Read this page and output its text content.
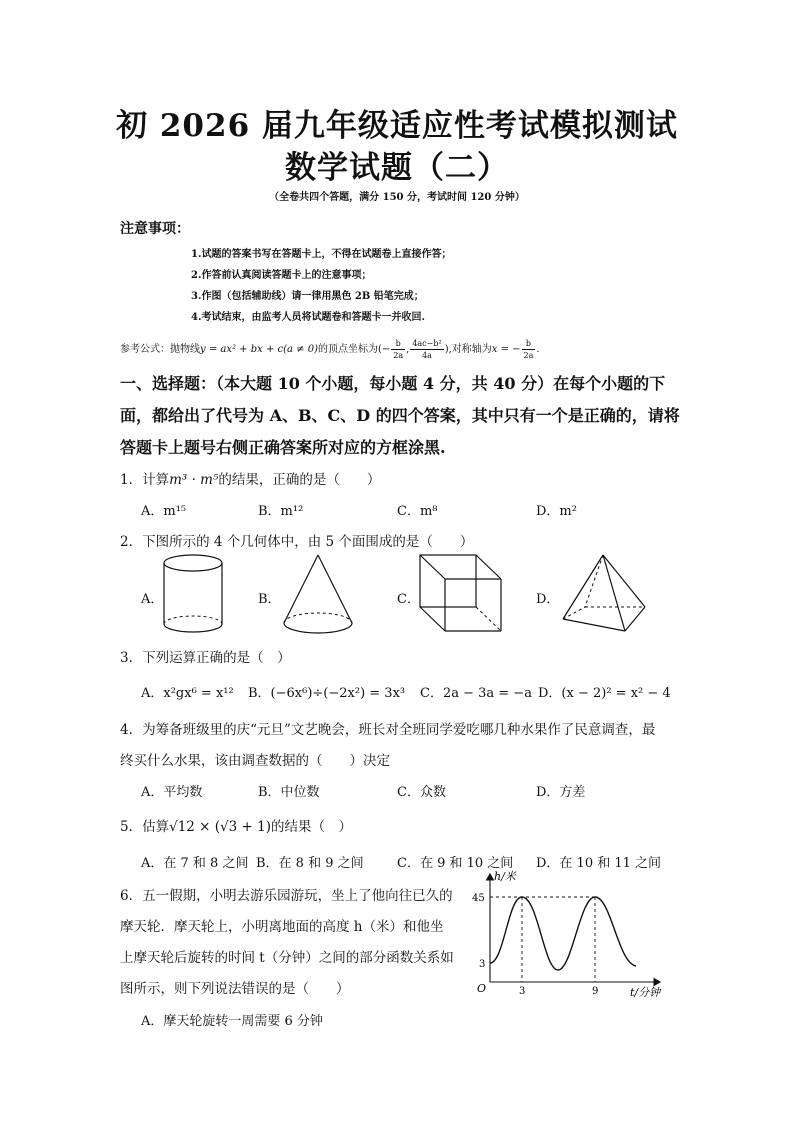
初 2026 届九年级适应性考试模拟测试
数学试题（二）
（全卷共四个答题，满分 150 分，考试时间 120 分钟）
注意事项：
1.试题的答案书写在答题卡上，不得在试题卷上直接作答；
2.作答前认真阅读答题卡上的注意事项；
3.作图（包括辅助线）请一律用黑色 2B 铅笔完成；
4.考试结束，由监考人员将试题卷和答题卡一并收回.
参考公式：抛物线y = ax² + bx + c(a ≠ 0)的顶点坐标为(− $\frac{b}{2a}$ , $\frac{\text{4ac−b²}}{4a}$ ),对称轴为x = − $\frac{b}{2a}$ .
一、选择题：（本大题 10 个小题，每小题 4 分，共 40 分）在每个小题的下面，都给出了代号为 A、B、C、D 的四个答案，其中只有一个是正确的，请将答题卡上题号右侧正确答案所对应的方框涂黑.
1．计算m³ · m⁵的结果，正确的是（　　）
A．m¹⁵	B．m¹²	C．m⁸	D．m²
2．下图所示的 4 个几何体中，由 5 个面围成的是（　　）
A．	B．	C．	D．
3．下列运算正确的是（　）
A．x²gx⁶ = x¹² B．(−6x⁶)÷(−2x²) = 3x³ C．2a − 3a = −a D．(x − 2)² = x² − 4
4．为筹备班级里的庆“元旦”文艺晚会，班长对全班同学爱吃哪几种水果作了民意调查，最
终买什么水果，该由调查数据的（　　）决定
A．平均数	B．中位数	C．众数	D．方差
5．估算√12 × (√3 + 1)的结果（　）
A．在 7 和 8 之间 B．在 8 和 9 之间	C．在 9 和 10 之间 D．在 10 和 11 之间
6．五一假期，小明去游乐园游玩，坐上了他向往已久的
摩天轮．摩天轮上，小明离地面的高度 h（米）和他坐
上摩天轮后旋转的时间 t（分钟）之间的部分函数关系如
图所示，则下列说法错误的是（　　）
A．摩天轮旋转一周需要 6 分钟
h/米
t/分钟
O
45
3
3	9
